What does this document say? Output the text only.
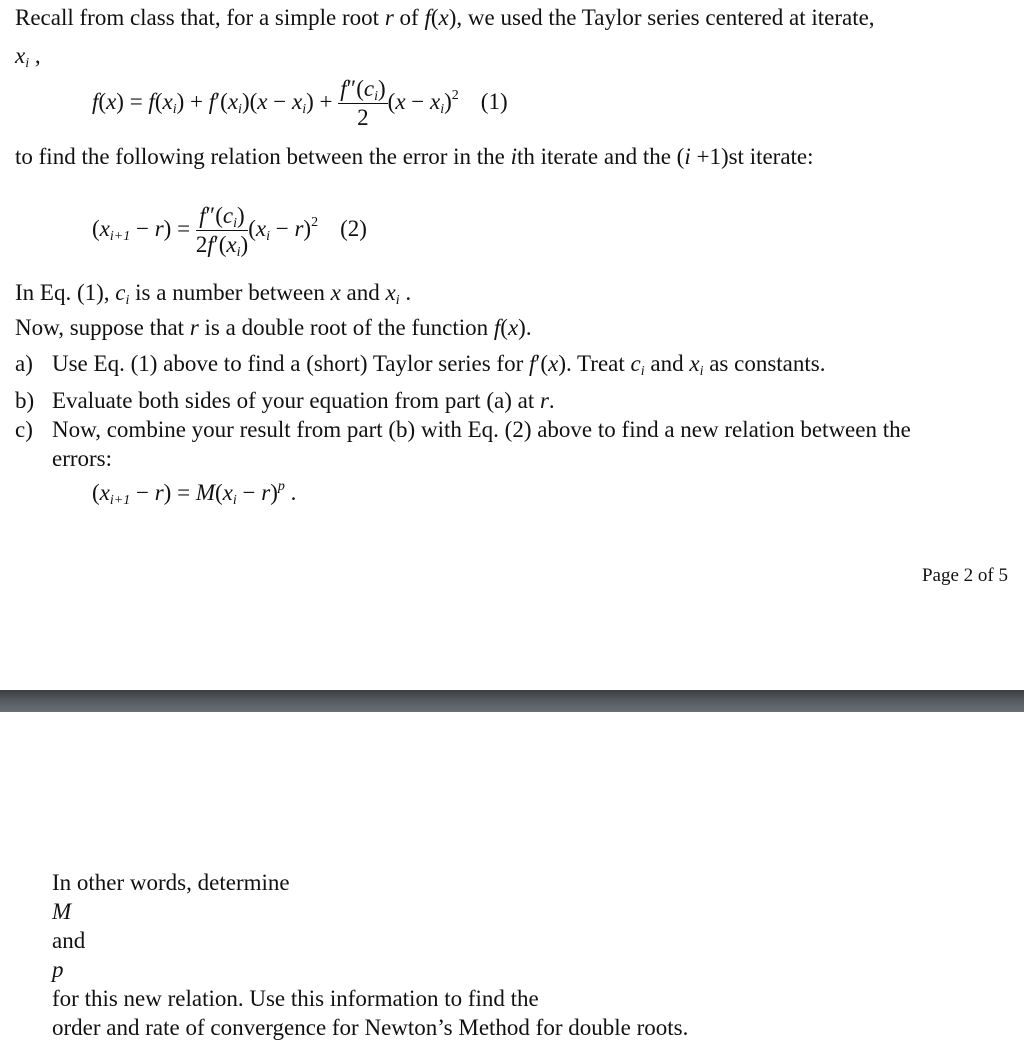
Recall from class that, for a simple root r of f(x), we used the Taylor series centered at iterate,
$x_i$ ,
$f(x) = f(x_i) + f'(x_i)(x - x_i) + \frac{f''(c_i)}{2} (x - x_i)^2$ (1)
to find the following relation between the error in the ith iterate and the (i +1)st iterate:
$(x_{i+1} - r) = \frac{f''(c_i)}{2f'(x_i)} (x_i - r)^2$ (2)
In Eq. (1), $c_i$ is a number between x and $x_i$ .
Now, suppose that r is a double root of the function f(x).
a) Use Eq. (1) above to find a (short) Taylor series for f′(x). Treat $c_i$ and $x_i$ as constants.
b) Evaluate both sides of your equation from part (a) at r.
c) Now, combine your result from part (b) with Eq. (2) above to find a new relation between the
errors:
$(x_{i+1} - r) = M(x_i - r)^p$ .
Page 2 of 5
In other words, determine
M
and
p
for this new relation. Use this information to find the
order and rate of convergence for Newton’s Method for double roots.
